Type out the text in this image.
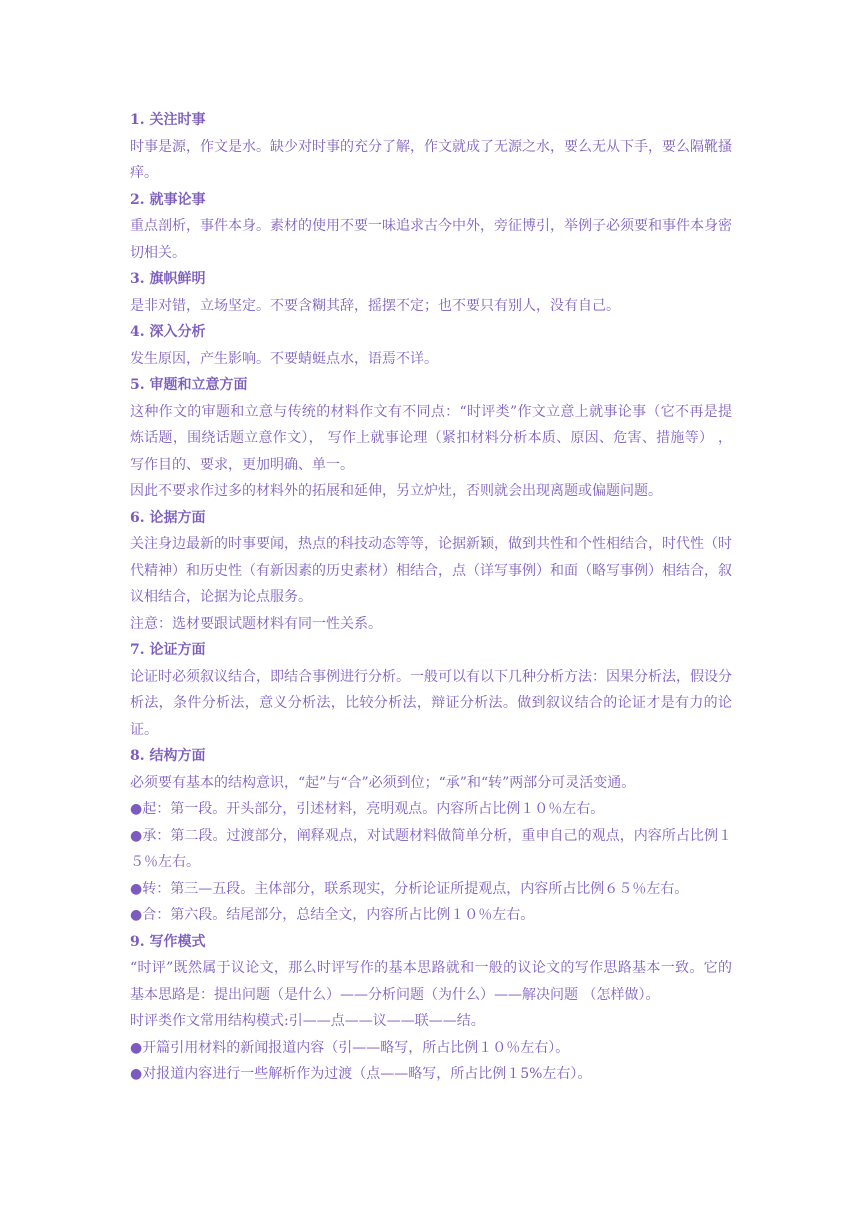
1. 关注时事
时事是源，作文是水。缺少对时事的充分了解，作文就成了无源之水，要么无从下手，要么隔靴搔痒。
2. 就事论事
重点剖析，事件本身。素材的使用不要一味追求古今中外，旁征博引，举例子必须要和事件本身密切相关。
3. 旗帜鲜明
是非对错，立场坚定。不要含糊其辞，摇摆不定；也不要只有别人，没有自己。
4. 深入分析
发生原因，产生影响。不要蜻蜓点水，语焉不详。
5. 审题和立意方面
这种作文的审题和立意与传统的材料作文有不同点：“时评类”作文立意上就事论事（它不再是提炼话题，围绕话题立意作文）， 写作上就事论理（紧扣材料分析本质、原因、危害、措施等） ，写作目的、要求，更加明确、单一。
因此不要求作过多的材料外的拓展和延伸，另立炉灶，否则就会出现离题或偏题问题。
6. 论据方面
关注身边最新的时事要闻，热点的科技动态等等，论据新颖，做到共性和个性相结合，时代性（时代精神）和历史性（有新因素的历史素材）相结合，点（详写事例）和面（略写事例）相结合，叙议相结合，论据为论点服务。
注意：选材要跟试题材料有同一性关系。
7. 论证方面
论证时必须叙议结合，即结合事例进行分析。一般可以有以下几种分析方法：因果分析法，假设分析法，条件分析法，意义分析法，比较分析法，辩证分析法。做到叙议结合的论证才是有力的论证。
8. 结构方面
必须要有基本的结构意识，“起”与“合”必须到位；“承”和“转”两部分可灵活变通。
●起：第一段。开头部分，引述材料，亮明观点。内容所占比例１０％左右。
●承：第二段。过渡部分，阐释观点，对试题材料做简单分析，重申自己的观点，内容所占比例１５％左右。
●转：第三—五段。主体部分，联系现实，分析论证所提观点，内容所占比例６５％左右。
●合：第六段。结尾部分，总结全文，内容所占比例１０％左右。
9. 写作模式
“时评”既然属于议论文，那么时评写作的基本思路就和一般的议论文的写作思路基本一致。它的基本思路是：提出问题（是什么）——分析问题（为什么）——解决问题 （怎样做）。
时评类作文常用结构模式:引——点——议——联——结。
●开篇引用材料的新闻报道内容（引——略写，所占比例１０％左右）。
●对报道内容进行一些解析作为过渡（点——略写，所占比例１5%左右）。
